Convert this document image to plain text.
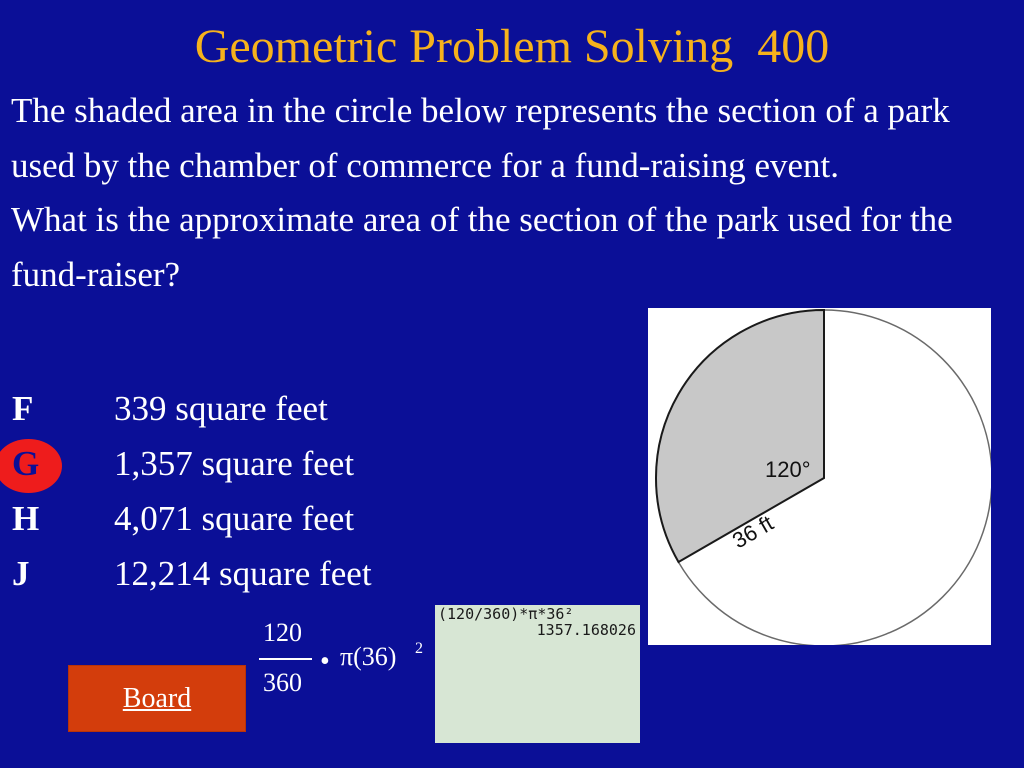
Geometric Problem Solving  400

The shaded area in the circle below represents the section of a park used by the chamber of commerce for a fund-raising event.

What is the approximate area of the section of the park used for the fund-raiser?

F 339 square feet
G 1,357 square feet
H 4,071 square feet
J 12,214 square feet
120°
36 ft
Board
120
360
• π(36) 2
(120/360)*π*36²
1357.168026
